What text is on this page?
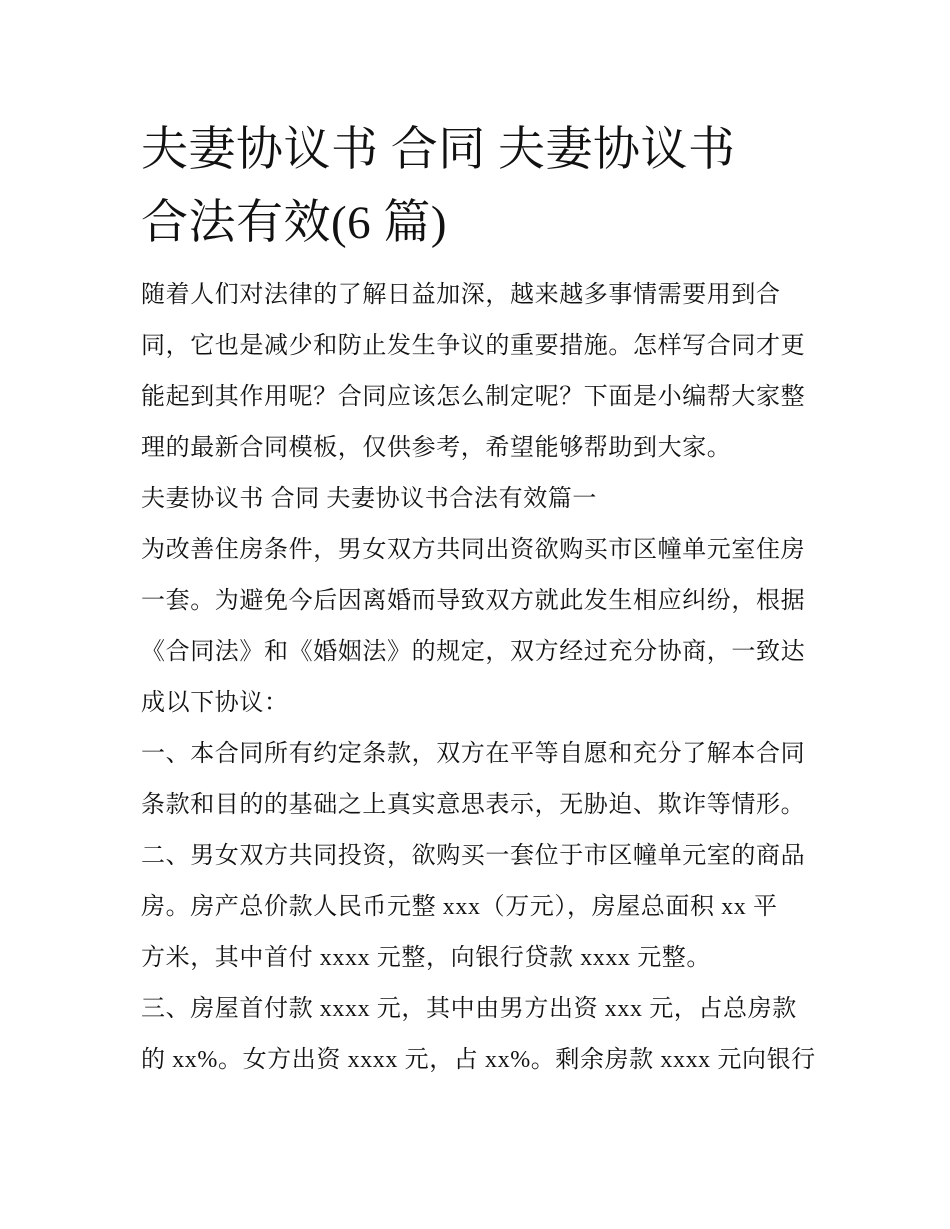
夫妻协议书 合同 夫妻协议书
合法有效(6 篇)

随着人们对法律的了解日益加深，越来越多事情需要用到合
同，它也是减少和防止发生争议的重要措施。怎样写合同才更
能起到其作用呢？合同应该怎么制定呢？下面是小编帮大家整
理的最新合同模板，仅供参考，希望能够帮助到大家。

夫妻协议书 合同 夫妻协议书合法有效篇一

为改善住房条件，男女双方共同出资欲购买市区幢单元室住房
一套。为避免今后因离婚而导致双方就此发生相应纠纷，根据
《合同法》和《婚姻法》的规定，双方经过充分协商，一致达
成以下协议：

一、本合同所有约定条款，双方在平等自愿和充分了解本合同
条款和目的的基础之上真实意思表示，无胁迫、欺诈等情形。

二、男女双方共同投资，欲购买一套位于市区幢单元室的商品
房。房产总价款人民币元整 xxx（万元），房屋总面积 xx 平
方米，其中首付 xxxx 元整，向银行贷款 xxxx 元整。

三、房屋首付款 xxxx 元，其中由男方出资 xxx 元，占总房款
的 xx%。女方出资 xxxx 元，占 xx%。剩余房款 xxxx 元向银行
